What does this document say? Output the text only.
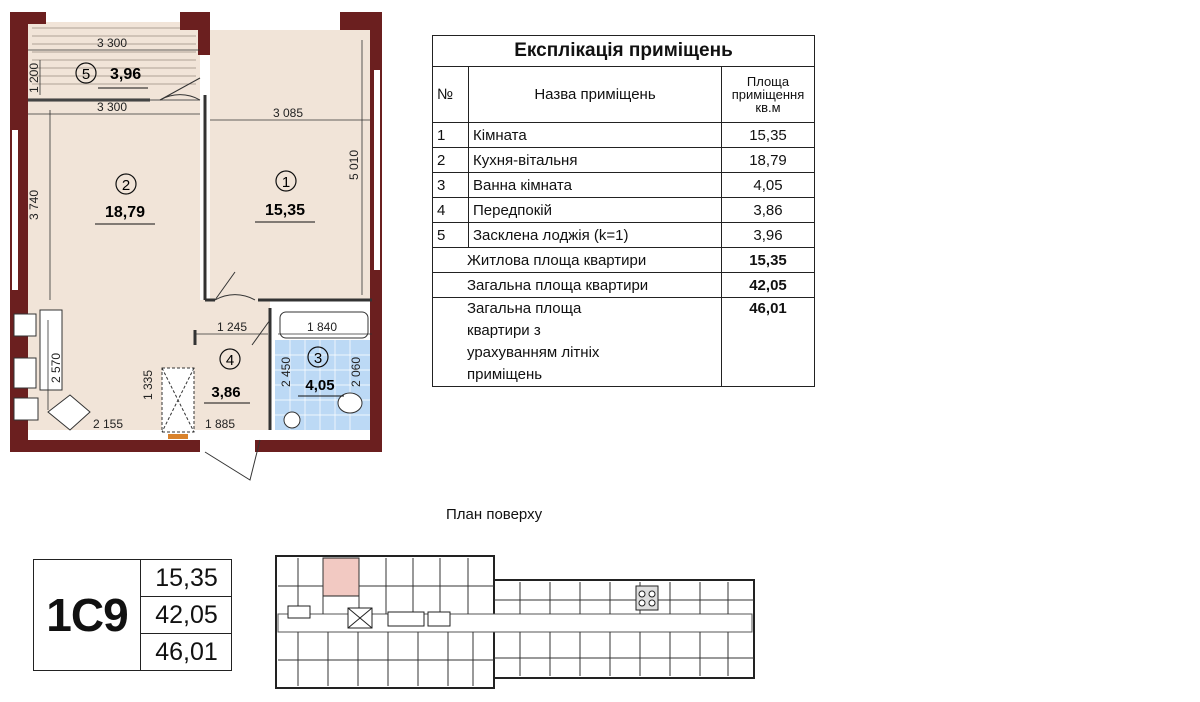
5 3,96
2
18,79
1
15,35
3
4,05
4
3,86
3 300
3 300	3 085
1 245	1 840
2 155	1 885
1 200
3 740
5 010
2 570
1 335	2 450	2 060
Експлікація приміщень		
№	Назва приміщень	Площа приміщення кв.м
1	Кімната	15,35
2	Кухня-вітальня	18,79
3	Ванна кімната	4,05
4	Передпокій	3,86
5	Засклена лоджія (k=1)	3,96
Житлова площа квартири		15,35
Загальна площа квартири		42,05
Загальна площа квартири з урахуванням літніх приміщень		46,01
План поверху
1С9
15,35
42,05
46,01
